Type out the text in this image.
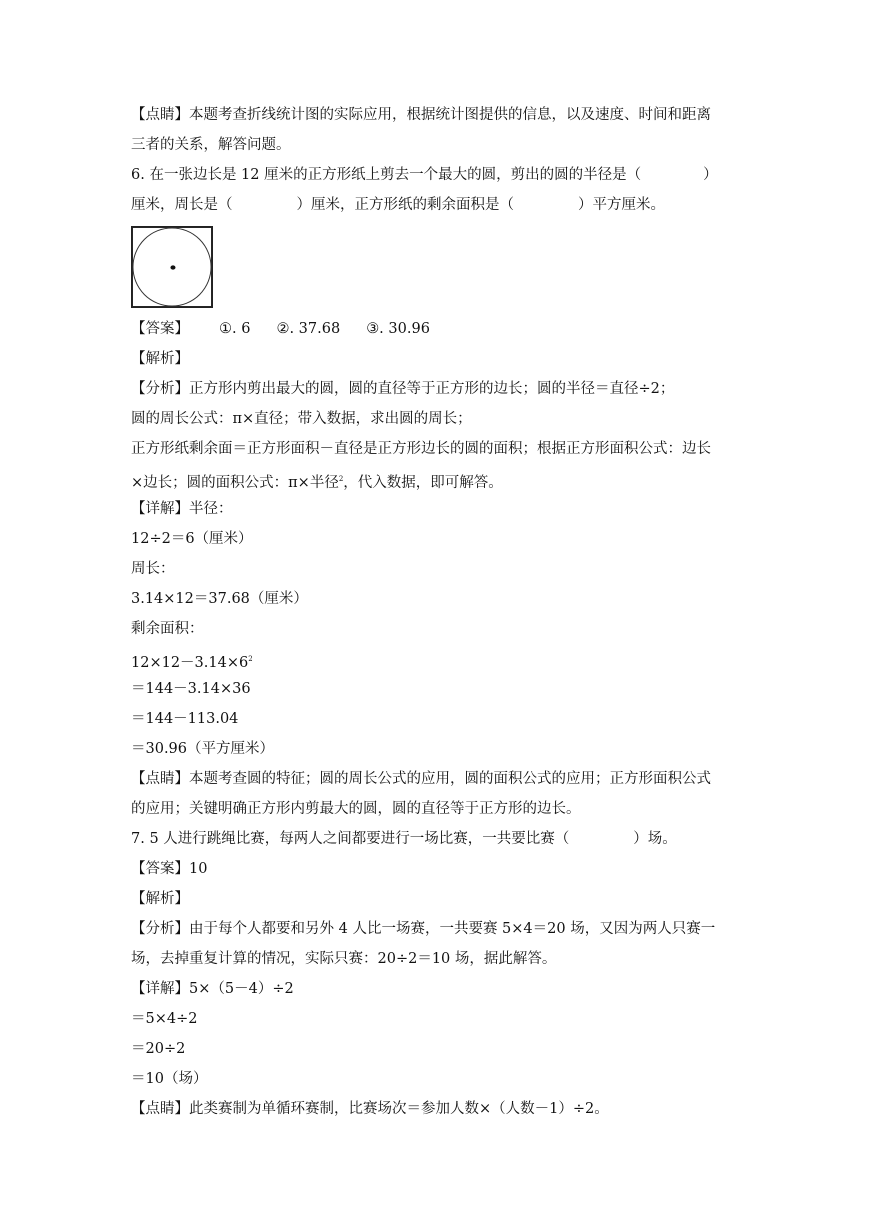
【点睛】本题考查折线统计图的实际应用，根据统计图提供的信息，以及速度、时间和距离
三者的关系，解答问题。
6. 在一张边长是 12 厘米的正方形纸上剪去一个最大的圆，剪出的圆的半径是（	）
厘米，周长是（	）厘米，正方形纸的剩余面积是（	）平方厘米。
【答案】 ①. 6 ②. 37.68 ③. 30.96
【解析】
【分析】正方形内剪出最大的圆，圆的直径等于正方形的边长；圆的半径＝直径÷2；
圆的周长公式：π×直径；带入数据，求出圆的周长；
正方形纸剩余面＝正方形面积－直径是正方形边长的圆的面积；根据正方形面积公式：边长
×边长；圆的面积公式：π×半径$^2$，代入数据，即可解答。
【详解】半径：
12÷2＝6（厘米）
周长：
3.14×12＝37.68（厘米）
剩余面积：
$12\times 12-3.14\times 6^2$
＝144－3.14×36
＝144－113.04
＝30.96（平方厘米）
【点睛】本题考查圆的特征；圆的周长公式的应用，圆的面积公式的应用；正方形面积公式
的应用；关键明确正方形内剪最大的圆，圆的直径等于正方形的边长。
7. 5 人进行跳绳比赛，每两人之间都要进行一场比赛，一共要比赛（	）场。
【答案】10
【解析】
【分析】由于每个人都要和另外 4 人比一场赛，一共要赛 5×4＝20 场，又因为两人只赛一
场，去掉重复计算的情况，实际只赛：20÷2＝10 场，据此解答。
【详解】5×（5－4）÷2
＝5×4÷2
＝20÷2
＝10（场）
【点睛】此类赛制为单循环赛制，比赛场次＝参加人数×（人数－1）÷2。
